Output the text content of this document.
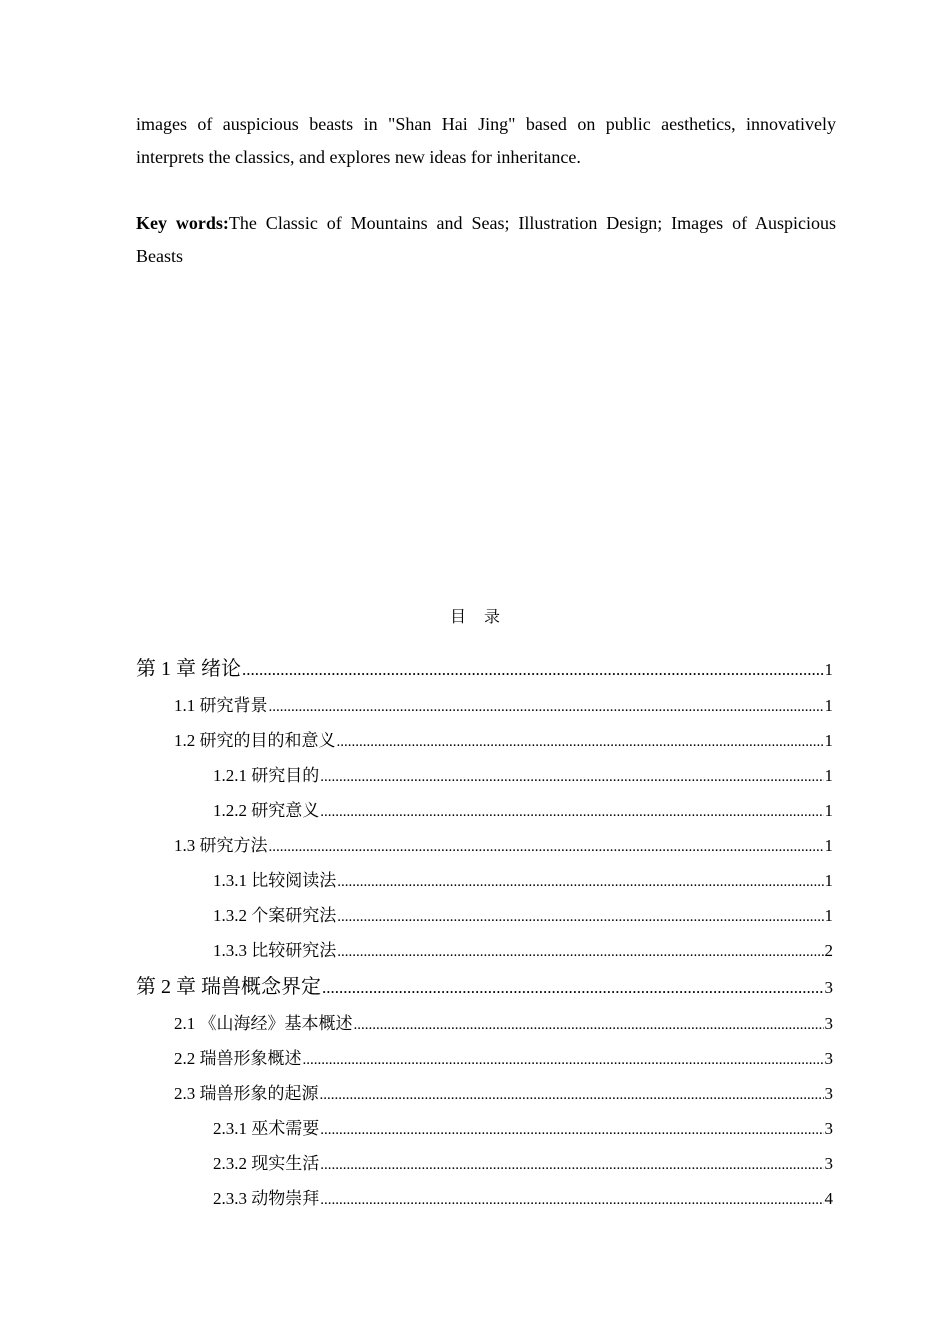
images of auspicious beasts in "Shan Hai Jing" based on public aesthetics, innovatively interprets the classics, and explores new ideas for inheritance.

Key words:The Classic of Mountains and Seas; Illustration Design; Images of Auspicious Beasts
目录
第 1 章 绪论 .....	1
1.1 研究背景 .....	1
1.2 研究的目的和意义 .....	1
1.2.1 研究目的 .....	1
1.2.2 研究意义 .....	1
1.3 研究方法 .....	1
1.3.1 比较阅读法 .....	1
1.3.2 个案研究法 .....	1
1.3.3 比较研究法 .....	2
第 2 章 瑞兽概念界定 .....	3
2.1 《山海经》基本概述 .....	3
2.2 瑞兽形象概述 .....	3
2.3 瑞兽形象的起源 .....	3
2.3.1 巫术需要 .....	3
2.3.2 现实生活 .....	3
2.3.3 动物崇拜 .....	4
